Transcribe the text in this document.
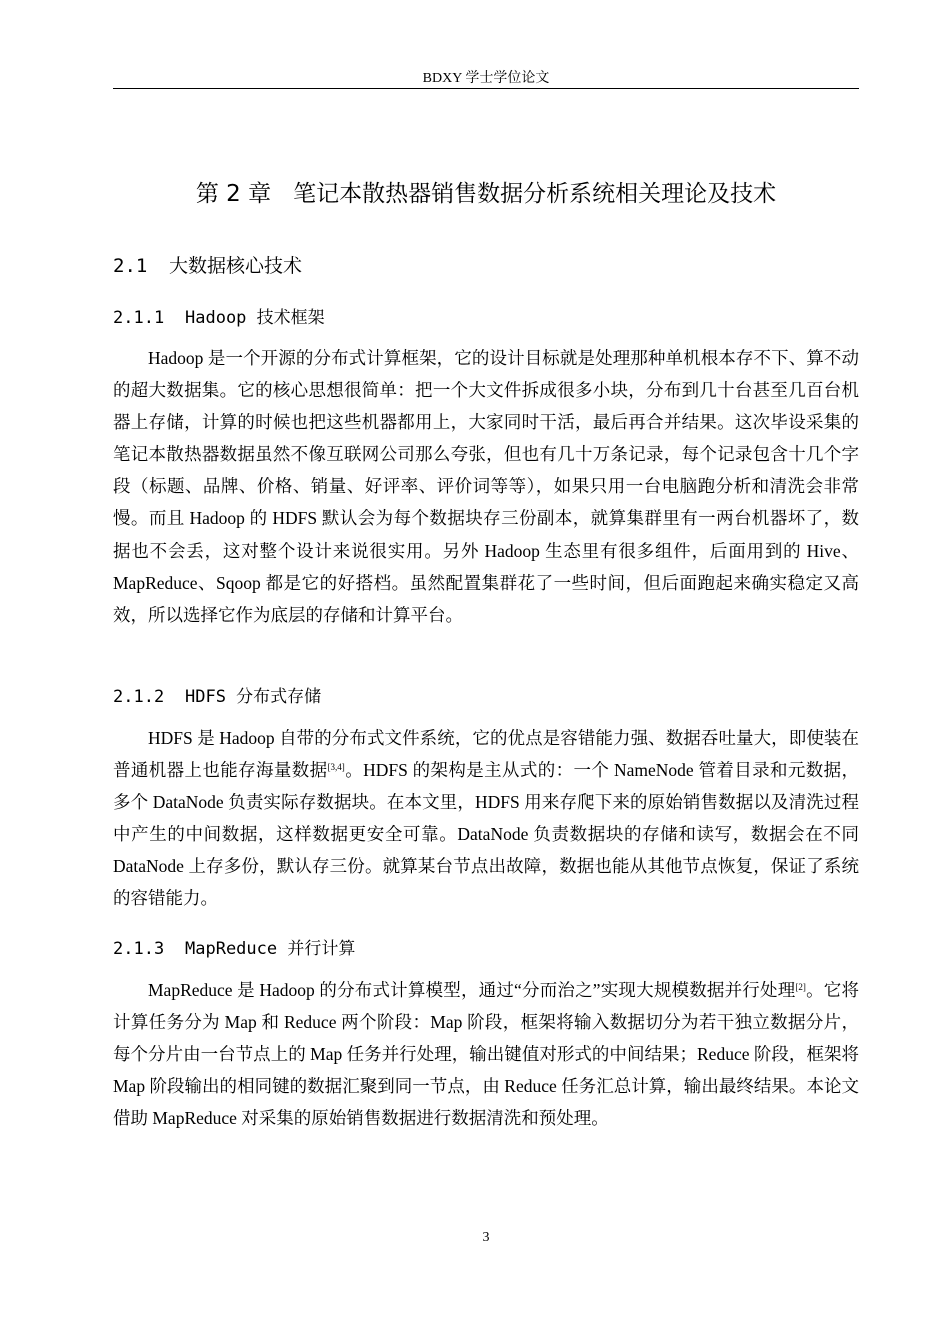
BDXY 学士学位论文
第 2 章 笔记本散热器销售数据分析系统相关理论及技术
2.1 大数据核心技术
2.1.1 Hadoop 技术框架

Hadoop 是一个开源的分布式计算框架，它的设计目标就是处理那种单机根本存不下、算不动的超大数据集。它的核心思想很简单：把一个大文件拆成很多小块，分布到几十台甚至几百台机器上存储，计算的时候也把这些机器都用上，大家同时干活，最后再合并结果。这次毕设采集的笔记本散热器数据虽然不像互联网公司那么夸张，但也有几十万条记录，每个记录包含十几个字段（标题、品牌、价格、销量、好评率、评价词等等），如果只用一台电脑跑分析和清洗会非常慢。而且 Hadoop 的 HDFS 默认会为每个数据块存三份副本，就算集群里有一两台机器坏了，数据也不会丢，这对整个设计来说很实用。另外 Hadoop 生态里有很多组件，后面用到的 Hive、MapReduce、Sqoop 都是它的好搭档。虽然配置集群花了一些时间，但后面跑起来确实稳定又高效，所以选择它作为底层的存储和计算平台。

2.1.2 HDFS 分布式存储

HDFS 是 Hadoop 自带的分布式文件系统，它的优点是容错能力强、数据吞吐量大，即使装在普通机器上也能存海量数据[3,4]。HDFS 的架构是主从式的：一个 NameNode 管着目录和元数据，多个 DataNode 负责实际存数据块。在本文里，HDFS 用来存爬下来的原始销售数据以及清洗过程中产生的中间数据，这样数据更安全可靠。DataNode 负责数据块的存储和读写，数据会在不同 DataNode 上存多份，默认存三份。就算某台节点出故障，数据也能从其他节点恢复，保证了系统的容错能力。

2.1.3 MapReduce 并行计算

MapReduce 是 Hadoop 的分布式计算模型，通过“分而治之”实现大规模数据并行处理[2]。它将计算任务分为 Map 和 Reduce 两个阶段：Map 阶段，框架将输入数据切分为若干独立数据分片，每个分片由一台节点上的 Map 任务并行处理，输出键值对形式的中间结果；Reduce 阶段，框架将 Map 阶段输出的相同键的数据汇聚到同一节点，由 Reduce 任务汇总计算，输出最终结果。本论文借助 MapReduce 对采集的原始销售数据进行数据清洗和预处理。

3
